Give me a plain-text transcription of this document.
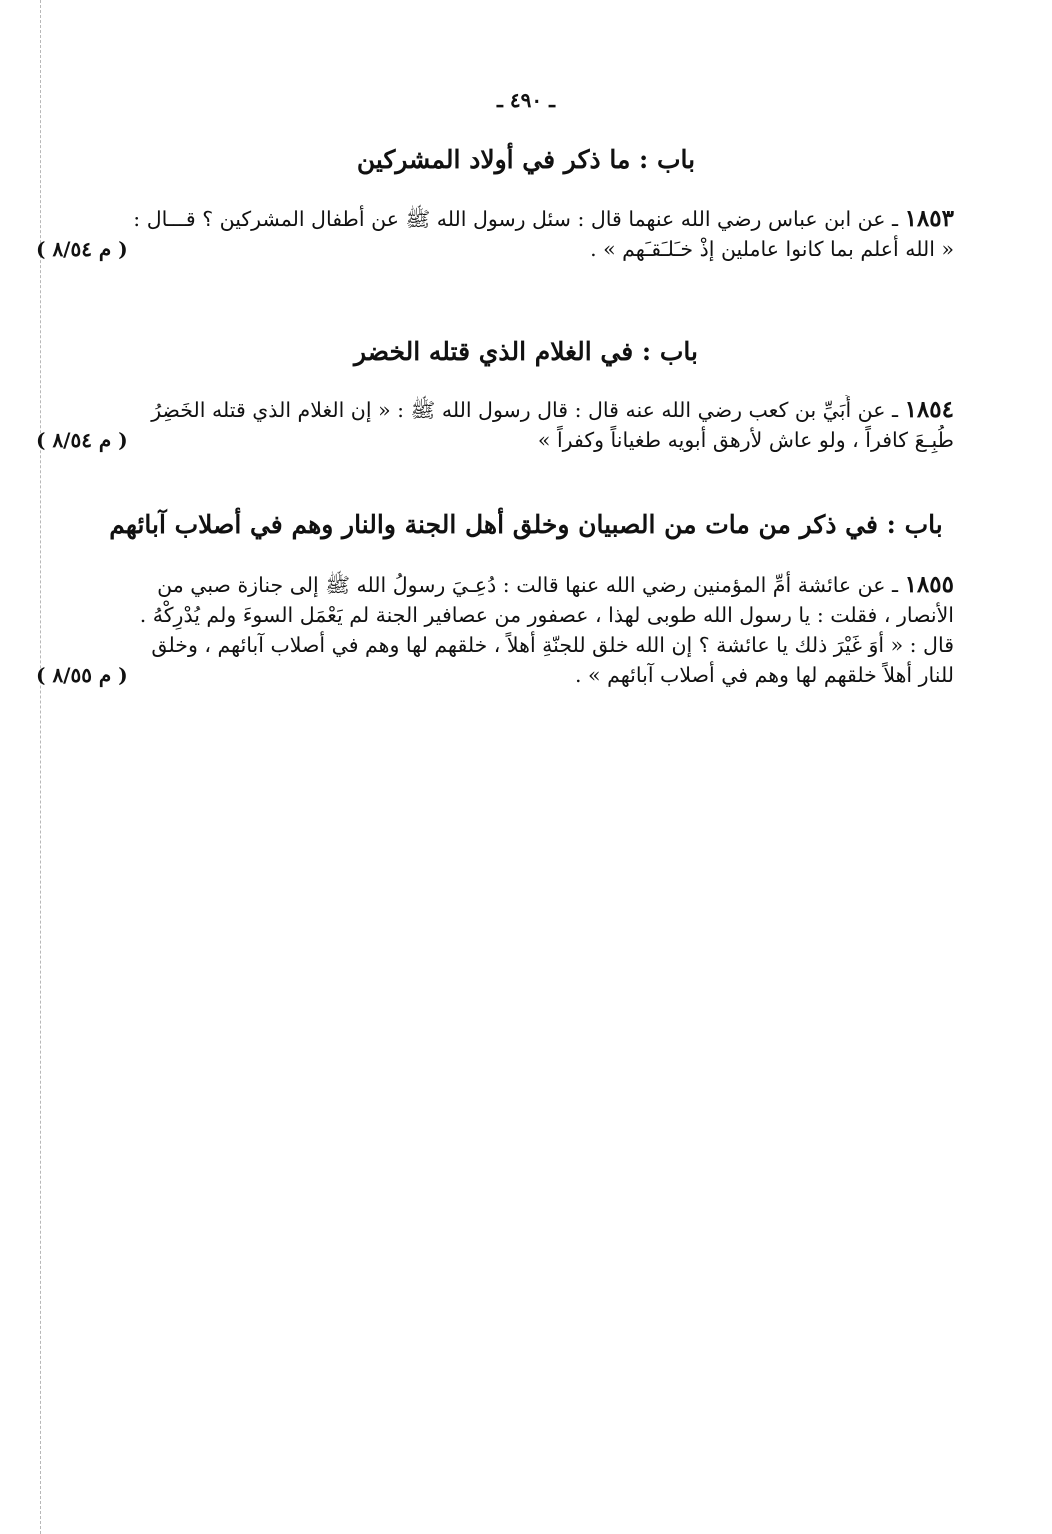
ـ ٤٩٠ ـ
باب : ما ذكر في أولاد المشركين
١٨٥٣ ـ عن ابن عباس رضي الله عنهما قال : سئل رسول الله ﷺ عن أطفال المشركين ؟ قـــال :
« الله أعلم بما كانوا عاملين إذْ خـَلـَقـَهم » .
( م ٨/٥٤ )
باب : في الغلام الذي قتله الخضر
١٨٥٤ ـ عن أُبَيِّ بن كعب رضي الله عنه قال : قال رسول الله ﷺ : « إن الغلام الذي قتله الخَضِرُ
طُبِـعَ كافراً ، ولو عاش لأرهق أبويه طغياناً وكفراً »
( م ٨/٥٤ )
باب : في ذكر من مات من الصبيان وخلق أهل الجنة والنار وهم في أصلاب آبائهم
١٨٥٥ ـ عن عائشة أمِّ المؤمنين رضي الله عنها قالت : دُعِـيَ رسولُ الله ﷺ إلى جنازة صبي من
الأنصار ، فقلت : يا رسول الله طوبى لهذا ، عصفور من عصافير الجنة لم يَعْمَل السوءَ ولم يُدْرِكْهُ .
قال : « أوَ غَيْرَ ذلك يا عائشة ؟ إن الله خلق للجنّةِ أهلاً ، خلقهم لها وهم في أصلاب آبائهم ، وخلق
للنار أهلاً خلقهم لها وهم في أصلاب آبائهم » .
( م ٨/٥٥ )
